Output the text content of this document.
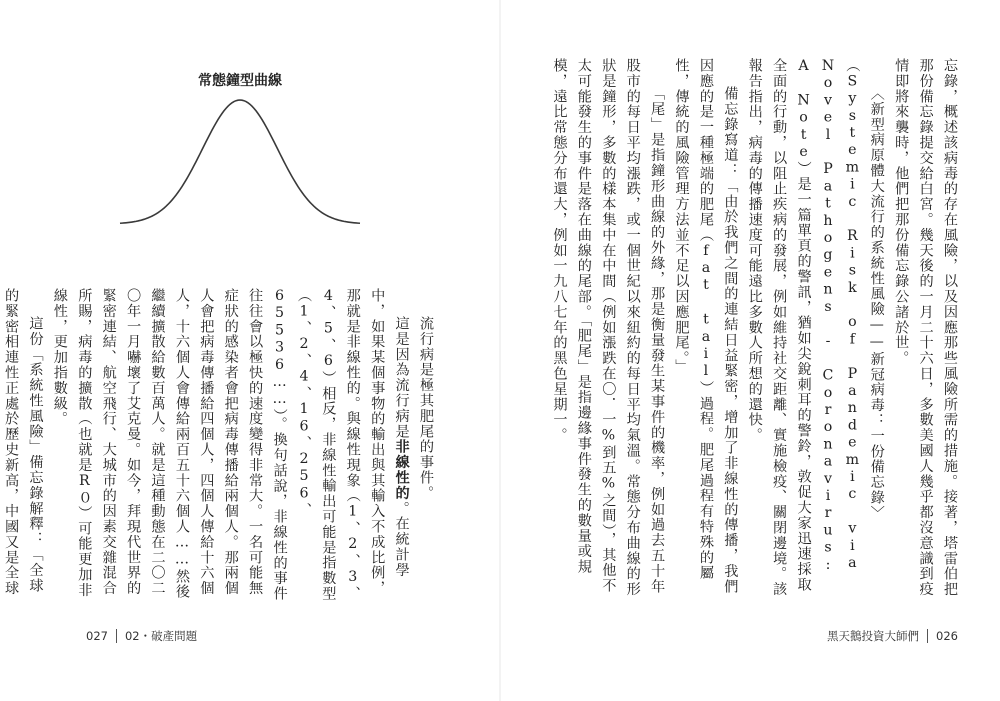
忘錄，概述該病毒的存在風險，以及因應那些風險所需的措施。接著，塔雷伯把那份備忘錄提交給白宮。幾天後的一月二十六日，多數美國人幾乎都沒意識到疫情即將來襲時，他們把那份備忘錄公諸於世。

〈新型病原體大流行的系統性風險——新冠病毒：一份備忘錄〉（Systemic Risk of Pandemic via Novel Pathogens - Coronavirus: A Note）是一篇單頁的警訊，猶如尖銳刺耳的警鈴，敦促大家迅速採取全面的行動，以阻止疾病的發展，例如維持社交距離、實施檢疫、關閉邊境。該報告指出，病毒的傳播速度可能遠比多數人所想的還快。

備忘錄寫道：「由於我們之間的連結日益緊密，增加了非線性的傳播，我們因應的是一種極端的肥尾（fat tail）過程。肥尾過程有特殊的屬性，傳統的風險管理方法並不足以因應肥尾。」

「尾」是指鐘形曲線的外緣，那是衡量發生某事件的機率，例如過去五十年股市的每日平均漲跌，或一個世紀以來紐約的每日平均氣溫。常態分布曲線的形狀是鐘形，多數的樣本集中在中間（例如漲跌在〇．一%到五%之間），其他不太可能發生的事件是落在曲線的尾部。「肥尾」是指邊緣事件發生的數量或規模，遠比常態分布還大，例如一九八七年的黑色星期一。

常態鐘型曲線

流行病是極其肥尾的事件。

這是因為流行病是非線性的。在統計學中，如果某個事物的輸出與其輸入不成比例，那就是非線性的。與線性現象（1、2、3、4、5、6）相反，非線性輸出可能是指數型（1、2、4、16、256、65536……）。換句話說，非線性的事件往往會以極快的速度變得非常大。一名可能無症狀的感染者會把病毒傳播給兩個人。那兩個人會把病毒傳播給四個人，四個人傳給十六個人，十六個人會傳給兩百五十六個人……然後繼續擴散給數百萬人。就是這種動態在二〇二〇年一月嚇壞了艾克曼。如今，拜現代世界的緊密連結、航空飛行、大城市的因素交雜混合所賜，病毒的擴散（也就是R０）可能更加非線性，更加指數級。

這份「系統性風險」備忘錄解釋：「全球的緊密相連性正處於歷史新高，中國又是全球

027 02・破產問題	黑天鵝投資大師們 026
